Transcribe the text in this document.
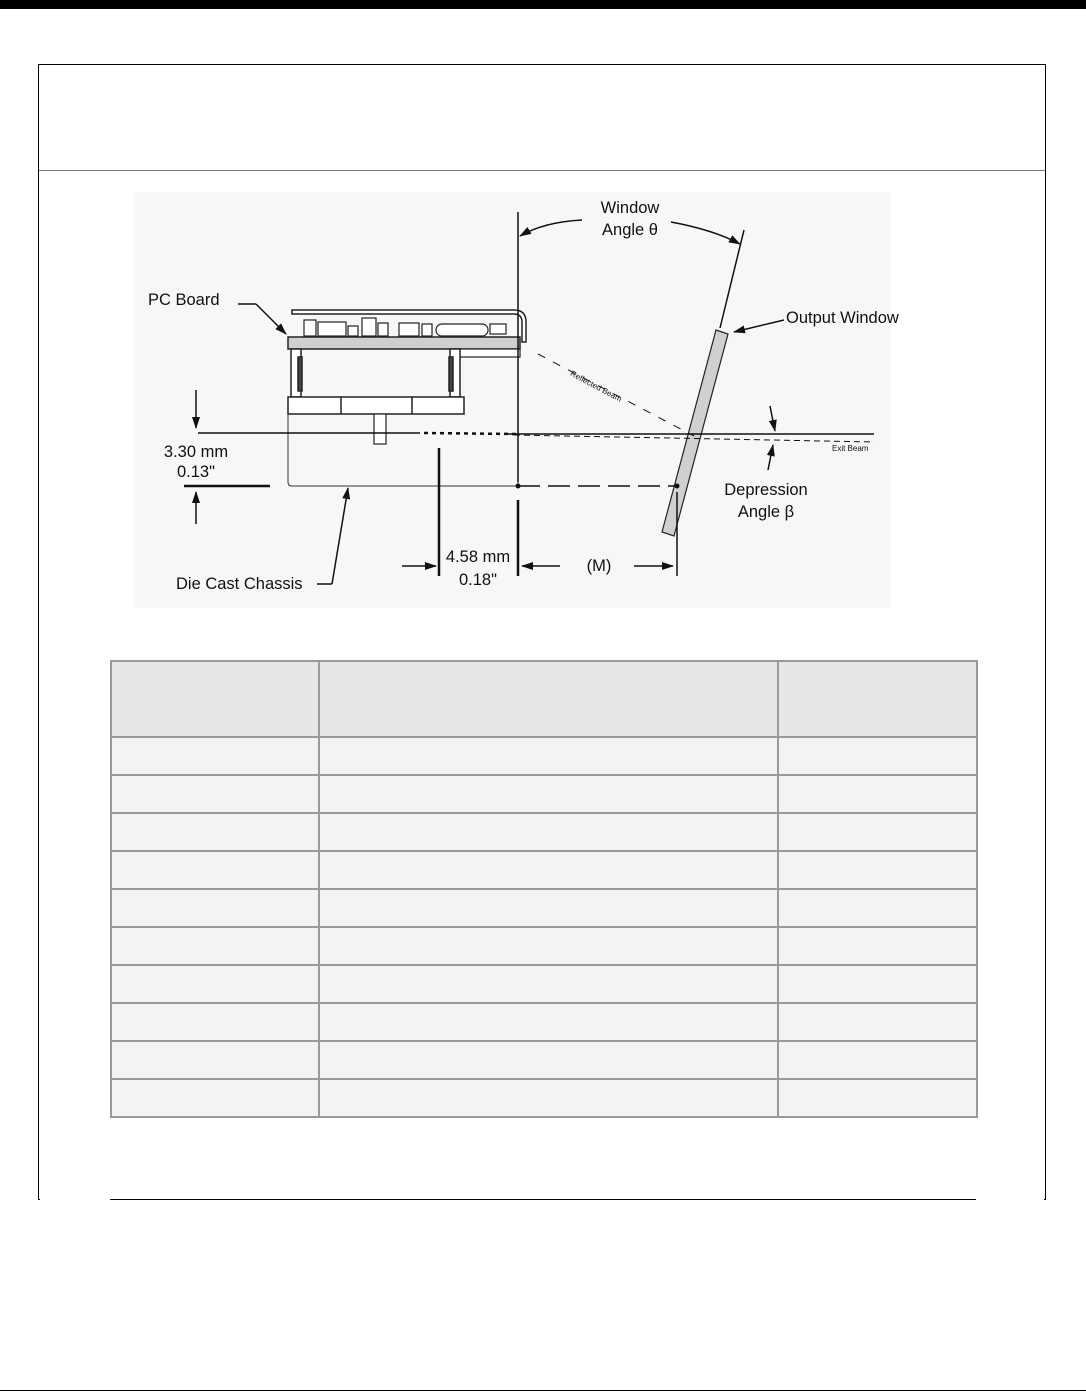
Window
Angle θ
PC Board
Output Window
Reflected Beam
Exit Beam
3.30 mm
0.13"
Depression
Angle β
4.58 mm
0.18"
(M)
Die Cast Chassis
